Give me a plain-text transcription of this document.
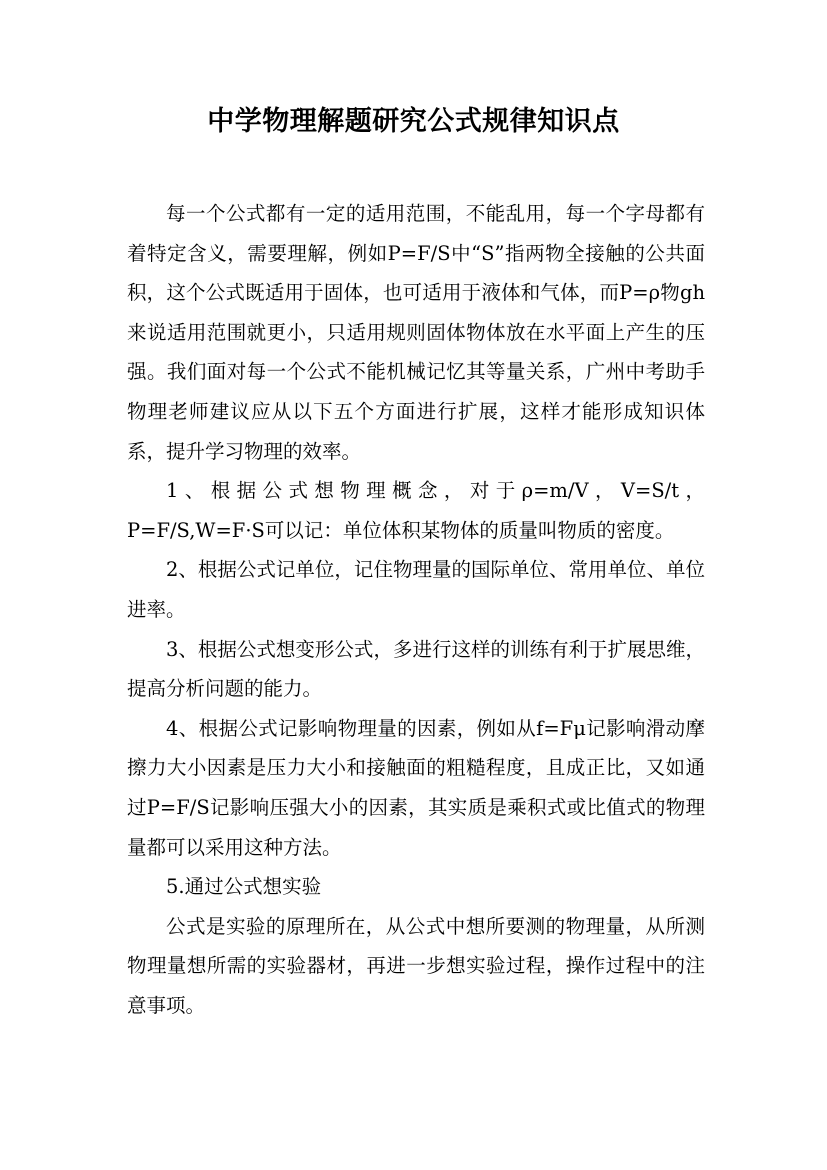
中学物理解题研究公式规律知识点

每一个公式都有一定的适用范围，不能乱用，每一个字母都有着特定含义，需要理解，例如P=F/S中“S”指两物全接触的公共面积，这个公式既适用于固体，也可适用于液体和气体，而P=ρ物gh来说适用范围就更小，只适用规则固体物体放在水平面上产生的压强。我们面对每一个公式不能机械记忆其等量关系，广州中考助手物理老师建议应从以下五个方面进行扩展，这样才能形成知识体系，提升学习物理的效率。

1、根据公式想物理概念，对于ρ=m/V，V=S/t，P=F/S,W=F·S可以记：单位体积某物体的质量叫物质的密度。

2、根据公式记单位，记住物理量的国际单位、常用单位、单位进率。

3、根据公式想变形公式，多进行这样的训练有利于扩展思维，提高分析问题的能力。

4、根据公式记影响物理量的因素，例如从f=Fμ记影响滑动摩擦力大小因素是压力大小和接触面的粗糙程度，且成正比，又如通过P=F/S记影响压强大小的因素，其实质是乘积式或比值式的物理量都可以采用这种方法。

5.通过公式想实验

公式是实验的原理所在，从公式中想所要测的物理量，从所测物理量想所需的实验器材，再进一步想实验过程，操作过程中的注意事项。
